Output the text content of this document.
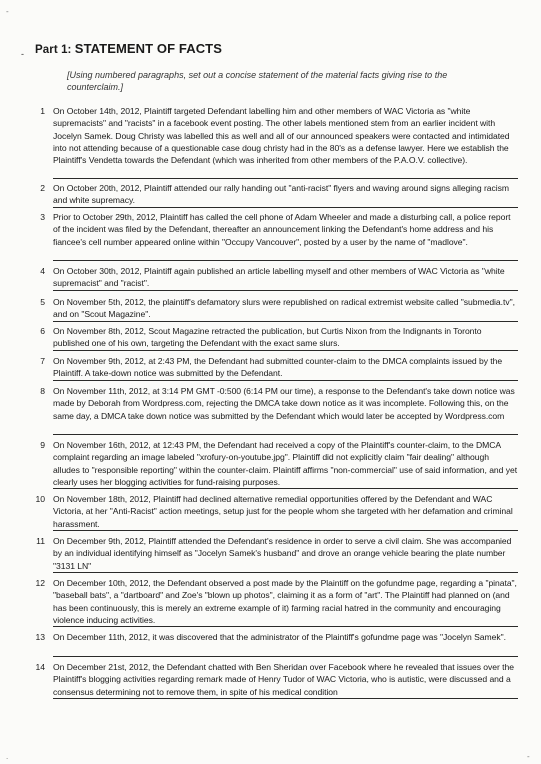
-
- Part 1: STATEMENT OF FACTS
[Using numbered paragraphs, set out a concise statement of the material facts giving rise to the counterclaim.]
1 On October 14th, 2012, Plaintiff targeted Defendant labelling him and other members of WAC Victoria as "white supremacists" and "racists" in a facebook event posting. The other labels mentioned stem from an earlier incident with Jocelyn Samek. Doug Christy was labelled this as well and all of our announced speakers were contacted and intimidated into not attending because of a questionable case doug christy had in the 80's as a defense lawyer. Here we establish the Plaintiff's Vendetta towards the Defendant (which was inherited from other members of the P.A.O.V. collective).
2 On October 20th, 2012, Plaintiff attended our rally handing out "anti-racist" flyers and waving around signs alleging racism and white supremacy.
3 Prior to October 29th, 2012, Plaintiff has called the cell phone of Adam Wheeler and made a disturbing call, a police report of the incident was filed by the Defendant, thereafter an announcement linking the Defendant's home address and his fiancee's cell number appeared online within "Occupy Vancouver", posted by a user by the name of "madlove".
4 On October 30th, 2012, Plaintiff again published an article labelling myself and other members of WAC Victoria as "white supremacist" and "racist".
5 On November 5th, 2012, the plaintiff's defamatory slurs were republished on radical extremist website called "submedia.tv", and on "Scout Magazine".
6 On November 8th, 2012, Scout Magazine retracted the publication, but Curtis Nixon from the Indignants in Toronto published one of his own, targeting the Defendant with the exact same slurs.
7 On November 9th, 2012, at 2:43 PM, the Defendant had submitted counter-claim to the DMCA complaints issued by the Plaintiff. A take-down notice was submitted by the Defendant.
8 On November 11th, 2012, at 3:14 PM GMT -0:500 (6:14 PM our time), a response to the Defendant's take down notice was made by Deborah from Wordpress.com, rejecting the DMCA take down notice as it was incomplete. Following this, on the same day, a DMCA take down notice was submitted by the Defendant which would later be accepted by Wordpress.com
9 On November 16th, 2012, at 12:43 PM, the Defendant had received a copy of the Plaintiff's counter-claim, to the DMCA complaint regarding an image labeled "xrofury-on-youtube.jpg". Plaintiff did not explicitly claim "fair dealing" although alludes to "responsible reporting" within the counter-claim. Plaintiff affirms "non-commercial" use of said information, and yet clearly uses her blogging activities for fund-raising purposes.
10 On November 18th, 2012, Plaintiff had declined alternative remedial opportunities offered by the Defendant and WAC Victoria, at her "Anti-Racist" action meetings, setup just for the people whom she targeted with her defamation and criminal harassment.
11 On December 9th, 2012, Plaintiff attended the Defendant's residence in order to serve a civil claim. She was accompanied by an individual identifying himself as "Jocelyn Samek's husband" and drove an orange vehicle bearing the plate number "3131 LN"
12 On December 10th, 2012, the Defendant observed a post made by the Plaintiff on the gofundme page, regarding a "pinata", "baseball bats", a "dartboard" and Zoe's "blown up photos", claiming it as a form of "art". The Plaintiff had planned on (and has been continuously, this is merely an extreme example of it) farming racial hatred in the community and encouraging violence inducing activities.
13 On December 11th, 2012, it was discovered that the administrator of the Plaintiff's gofundme page was "Jocelyn Samek".
14 On December 21st, 2012, the Defendant chatted with Ben Sheridan over Facebook where he revealed that issues over the Plaintiff's blogging activities regarding remark made of Henry Tudor of WAC Victoria, who is autistic, were discussed and a consensus determining not to remove them, in spite of his medical condition
.	-
